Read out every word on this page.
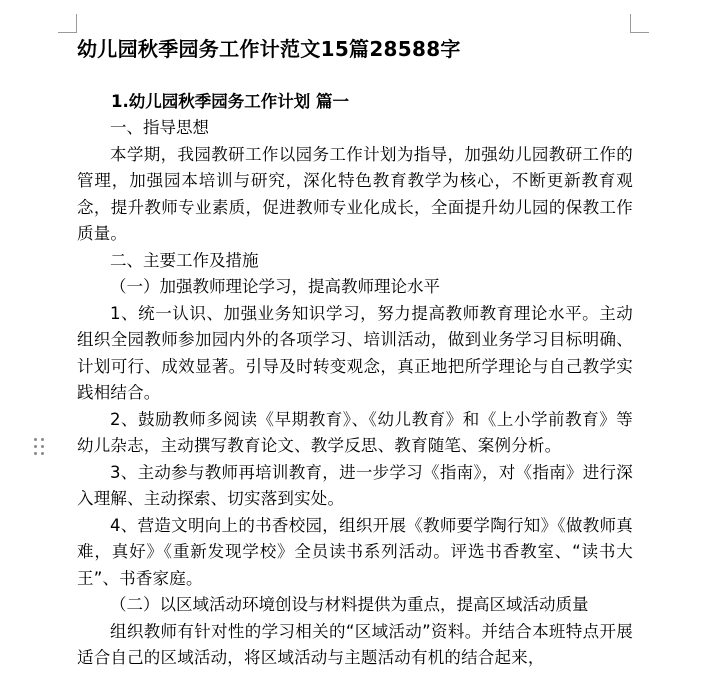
幼儿园秋季园务工作计范文15篇28588字
1.幼儿园秋季园务工作计划 篇一

一、指导思想

本学期，我园教研工作以园务工作计划为指导，加强幼儿园教研工作的管理，加强园本培训与研究，深化特色教育教学为核心，不断更新教育观念，提升教师专业素质，促进教师专业化成长，全面提升幼儿园的保教工作质量。

二、主要工作及措施

（一）加强教师理论学习，提高教师理论水平

1、统一认识、加强业务知识学习，努力提高教师教育理论水平。主动组织全园教师参加园内外的各项学习、培训活动，做到业务学习目标明确、计划可行、成效显著。引导及时转变观念，真正地把所学理论与自己教学实践相结合。

2、鼓励教师多阅读《早期教育》、《幼儿教育》和《上小学前教育》等幼儿杂志，主动撰写教育论文、教学反思、教育随笔、案例分析。

3、主动参与教师再培训教育，进一步学习《指南》，对《指南》进行深入理解、主动探索、切实落到实处。

4、营造文明向上的书香校园，组织开展《教师要学陶行知》《做教师真难，真好》《重新发现学校》全员读书系列活动。评选书香教室、“读书大王”、书香家庭。

（二）以区域活动环境创设与材料提供为重点，提高区域活动质量

组织教师有针对性的学习相关的“区域活动”资料。并结合本班特点开展适合自己的区域活动，将区域活动与主题活动有机的结合起来，
